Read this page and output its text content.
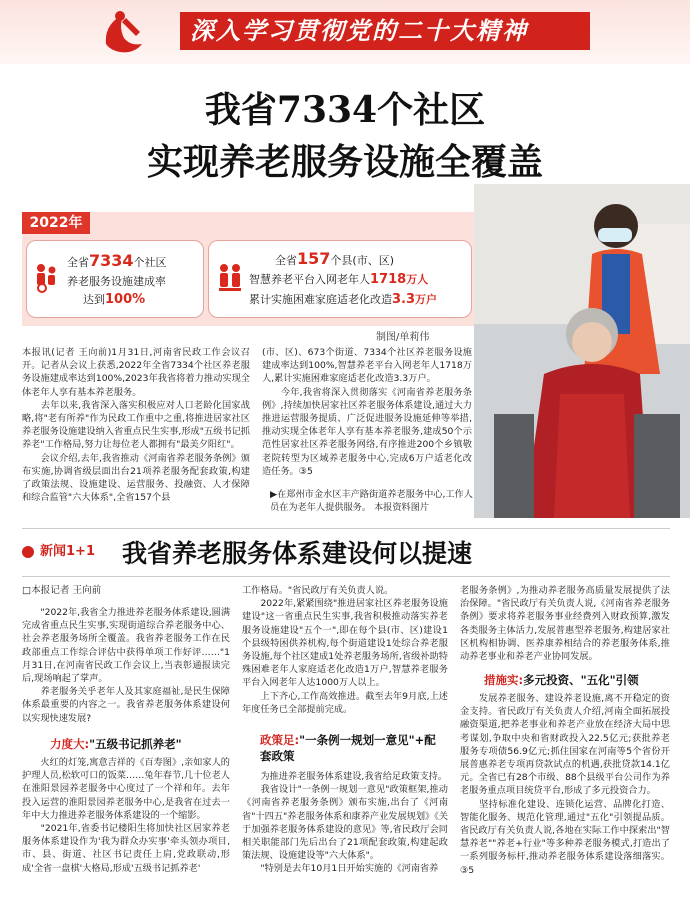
深入学习贯彻党的二十大精神
我省7334个社区
实现养老服务设施全覆盖
2022年
全省7334个社区
养老服务设施建成率
达到100%
全省157个县(市、区)
智慧养老平台入网老年人1718万人
累计实施困难家庭适老化改造3.3万户
制图/单莉伟
本报讯(记者 王向前)1月31日,河南省民政工作会议召开。记者从会议上获悉,2022年全省7334个社区养老服务设施建成率达到100%,2023年我省将着力推动实现全体老年人享有基本养老服务。
　　去年以来,我省深入落实积极应对人口老龄化国家战略,将"老有所养"作为民政工作重中之重,将推进居家社区养老服务设施建设纳入省重点民生实事,形成"五级书记抓养老"工作格局,努力让每位老人都拥有"最美夕阳红"。
　　会议介绍,去年,我省推动《河南省养老服务条例》颁布实施,协调省级层面出台21项养老服务配套政策,构建了政策法规、设施建设、运营服务、投融资、人才保障和综合监管"六大体系",全省157个县
(市、区)、673个街道、7334个社区养老服务设施建成率达到100%,智慧养老平台入网老年人1718万人,累计实施困难家庭适老化改造3.3万户。
　　今年,我省将深入贯彻落实《河南省养老服务条例》,持续加快居家社区养老服务体系建设,通过大力推进运营服务提质、广泛促进服务设施延伸等举措,推动实现全体老年人享有基本养老服务,建成50个示范性居家社区养老服务网络,有序推进200个乡镇敬老院转型为区域养老服务中心,完成6万户适老化改造任务。③5
▶在郑州市金水区丰产路街道养老服务中心,工作人员在为老年人提供服务。 本报资料图片
新闻1+1	我省养老服务体系建设何以提速
□本报记者 王向前
　　"2022年,我省全力推进养老服务体系建设,圆满完成省重点民生实事,实现街道综合养老服务中心、社会养老服务场所全覆盖。我省养老服务工作在民政部重点工作综合评估中获得单项工作好评……"1月31日,在河南省民政工作会议上,当表彰通报读完后,现场响起了掌声。
　　养老服务关乎老年人及其家庭福祉,是民生保障体系最重要的内容之一。我省养老服务体系建设何以实现快速发展?
力度大:"五级书记抓养老"
　　火红的灯笼,寓意吉祥的《百寿图》,亲如家人的护理人员,松软可口的饭菜……兔年春节,几十位老人在淮阳景园养老服务中心度过了一个祥和年。去年投入运营的淮阳景园养老服务中心,是我省在过去一年中大力推进养老服务体系建设的一个缩影。
　　"2021年,省委书记楼阳生将加快社区居家养老服务体系建设作为'我为群众办实事'牵头领办项目,市、县、街道、社区书记责任上肩,党政联动,形成'全省一盘棋'大格局,形成'五级书记抓养老'
工作格局。"省民政厅有关负责人说。
　　2022年,紧紧围绕"推进居家社区养老服务设施建设"这一省重点民生实事,我省积极推动落实养老服务设施建设"五个一",即在每个县(市、区)建设1个县级特困供养机构,每个街道建设1处综合养老服务设施,每个社区建成1处养老服务场所,省级补助特殊困难老年人家庭适老化改造1万户,智慧养老服务平台入网老年人达1000万人以上。
　　上下齐心,工作高效推进。截至去年9月底,上述年度任务已全部提前完成。
政策足:"一条例一规划一意见"+配套政策
　　为推进养老服务体系建设,我省给足政策支持。
　　我省设计"一条例一规划一意见"政策框架,推动《河南省养老服务条例》颁布实施,出台了《河南省"十四五"养老服务体系和康养产业发展规划》《关于加强养老服务体系建设的意见》等,省民政厅会同相关职能部门先后出台了21项配套政策,构建起政策法规、设施建设等"六大体系"。
　　"特别是去年10月1日开始实施的《河南省养
老服务条例》,为推动养老服务高质量发展提供了法治保障。"省民政厅有关负责人说,《河南省养老服务条例》要求将养老服务事业经费列入财政预算,激发各类服务主体活力,发展普惠型养老服务,构建居家社区机构相协调、医养康养相结合的养老服务体系,推动养老事业和养老产业协同发展。
措施实:多元投资、"五化"引领
　　发展养老服务、建设养老设施,离不开稳定的资金支持。省民政厅有关负责人介绍,河南全面拓展投融资渠道,把养老事业和养老产业放在经济大局中思考谋划,争取中央和省财政投入22.5亿元;获批养老服务专项债56.9亿元;抓住国家在河南等5个省份开展普惠养老专项再贷款试点的机遇,获批贷款14.1亿元。全省已有28个市级、88个县级平台公司作为养老服务重点项目统贷平台,形成了多元投资合力。
　　坚持标准化建设、连锁化运营、品牌化打造、智能化服务、规范化管理,通过"五化"引领提品质。省民政厅有关负责人说,各地在实际工作中探索出"智慧养老""养老+行业"等多种养老服务模式,打造出了一系列服务标杆,推动养老服务体系建设落细落实。③5
